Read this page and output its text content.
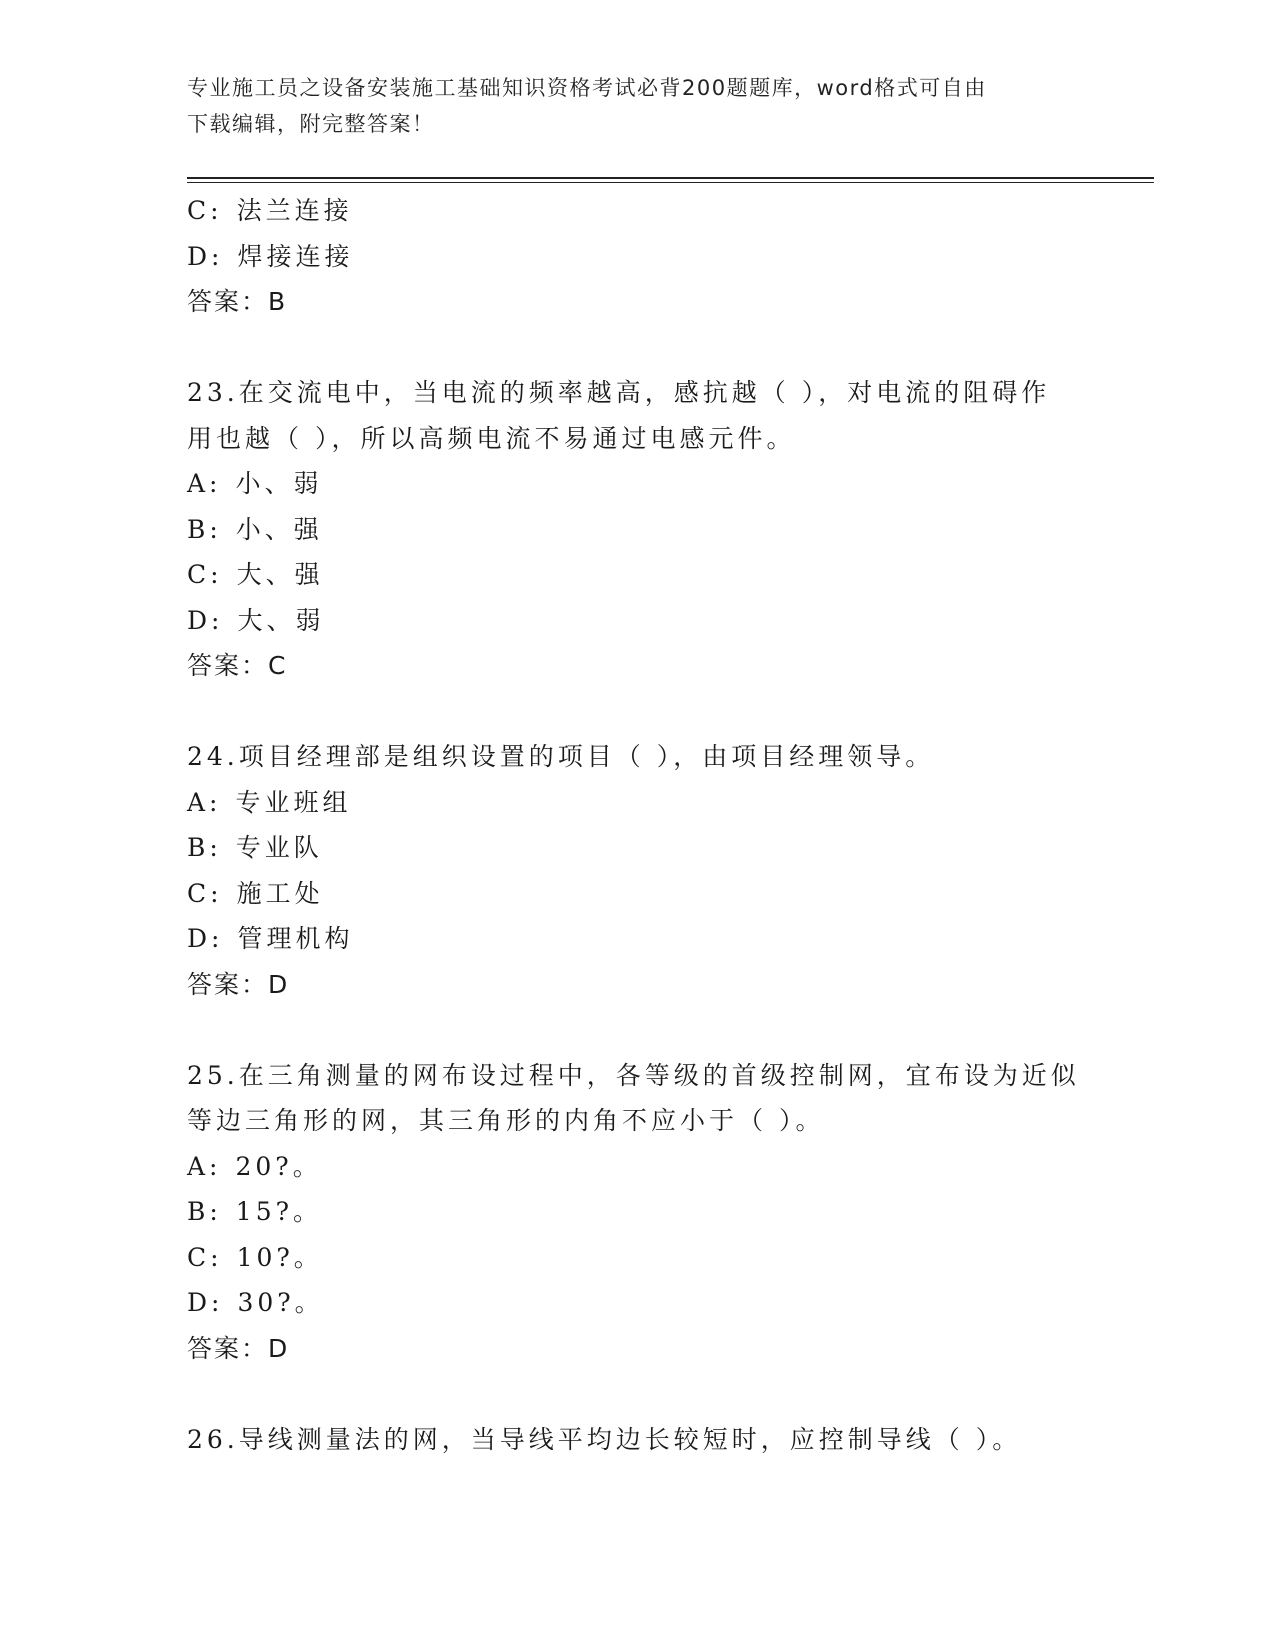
专业施工员之设备安装施工基础知识资格考试必背200题题库，word格式可自由
下载编辑，附完整答案！
C: 法兰连接
D: 焊接连接
答案：B
23.在交流电中，当电流的频率越高，感抗越（ ），对电流的阻碍作
用也越（ ），所以高频电流不易通过电感元件。
A: 小、弱
B: 小、强
C: 大、强
D: 大、弱
答案：C
24.项目经理部是组织设置的项目（ ），由项目经理领导。
A: 专业班组
B: 专业队
C: 施工处
D: 管理机构
答案：D
25.在三角测量的网布设过程中，各等级的首级控制网，宜布设为近似
等边三角形的网，其三角形的内角不应小于（ ）。
A: 20?。
B: 15?。
C: 10?。
D: 30?。
答案：D
26.导线测量法的网，当导线平均边长较短时，应控制导线（ ）。
